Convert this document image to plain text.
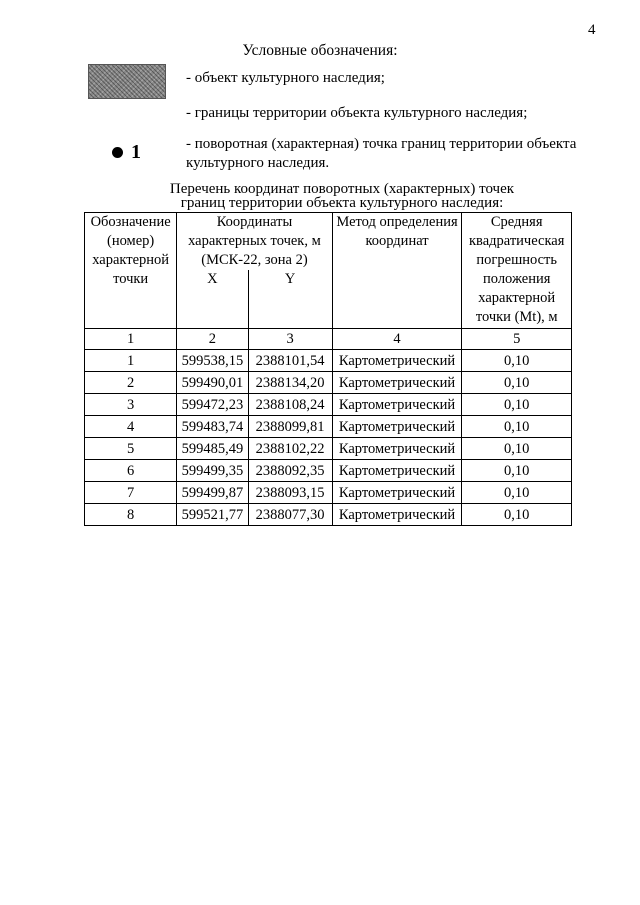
4
Условные обозначения:
- объект культурного наследия;
- границы территории объекта культурного наследия;
1	- поворотная (характерная) точка границ территории объекта культурного наследия.
Перечень координат поворотных (характерных) точек
границ территории объекта культурного наследия:
Обозначение (номер) характерной точки	Координаты характерных точек, м (МСК-22, зона 2)		Метод определения координат	Средняя квадратическая погрешность положения характерной точки (Mt), м
	X	Y		
1	2	3	4	5
1	599538,15	2388101,54	Картометрический	0,10
2	599490,01	2388134,20	Картометрический	0,10
3	599472,23	2388108,24	Картометрический	0,10
4	599483,74	2388099,81	Картометрический	0,10
5	599485,49	2388102,22	Картометрический	0,10
6	599499,35	2388092,35	Картометрический	0,10
7	599499,87	2388093,15	Картометрический	0,10
8	599521,77	2388077,30	Картометрический	0,10
